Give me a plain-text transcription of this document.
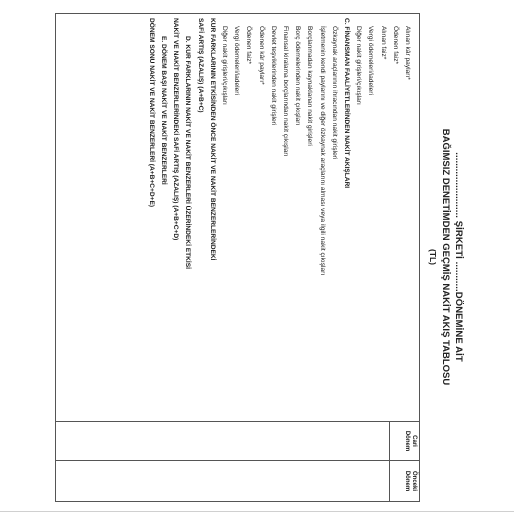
........................ ŞİRKETİ ...........DÖNEMİNE AİT
BAĞIMSIZ DENETİMDEN GEÇMİŞ NAKİT AKIŞ TABLOSU
(TL)
Cari
Dönem
Önceki
Dönem
Alınan kâr payları*
Ödenen faiz*
Alınan faiz*
Vergi ödemeleri/iadeleri
Diğer nakit girişleri/çıkışları
C. FİNANSMAN FAALİYETLERİNDEN NAKİT AKIŞLARI
Özkaynak araçlarının ihracından nakit girişleri
İşletmenin kendi paylarını ve diğer özkaynak araçlarını alması veya ilgili nakit çıkışları
Borçlanmadan kaynaklanan nakit girişleri
Borç ödemelerinden nakit çıkışları
Finansal kiralama borçlarından nakit çıkışları
Devlet teşviklerinden nakit girişleri
Ödenen kâr payları*
Ödenen faiz*
Vergi ödemeleri/iadeleri
Diğer nakit girişleri/çıkışları
KUR FARKLARININ ETKİSİNDEN ÖNCE NAKİT VE NAKİT BENZERLERİNDEKİ
SAFİ ARTIŞ (AZALIŞ) (A+B+C)
D. KUR FARKLARININ NAKİT VE NAKİT BENZERLERİ ÜZERİNDEKİ ETKİSİ
NAKİT VE NAKİT BENZERLERİNDEKİ SAFİ ARTIŞ (AZALIŞ) (A+B+C+D)
E. DÖNEM BAŞI NAKİT VE NAKİT BENZERLERİ
DÖNEM SONU NAKİT VE NAKİT BENZERLERİ (A+B+C+D+E)
